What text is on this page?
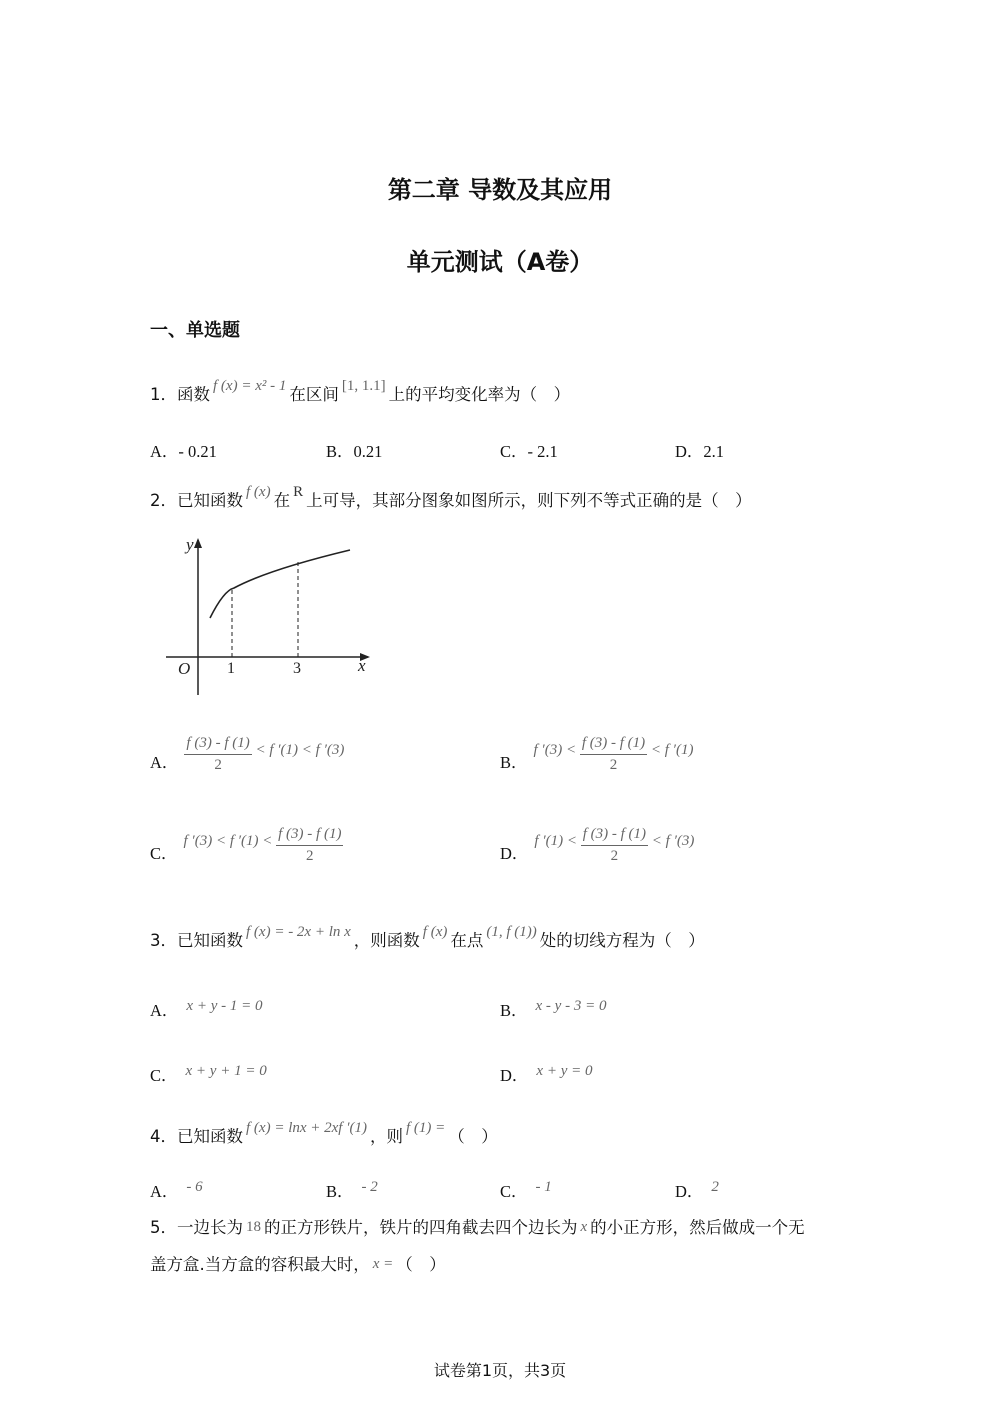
第二章 导数及其应用
单元测试（A卷）
一、单选题
1．函数 f (x) = x² - 1 在区间 [1, 1.1] 上的平均变化率为（　）
A．- 0.21	B．0.21	C．- 2.1	D．2.1
2．已知函数 f (x) 在 R 上可导，其部分图象如图所示，则下列不等式正确的是（　）
y
x
O 1	3
A． $\frac{f (3) - f (1)}{2} < f$ ′(1) < f ′(3)
B．f $'(3) < \frac{f (3) - f (1)}{2} < f$ ′(1)
C．f ′(3) < f $'(1) < \frac{f (3) - f (1)}{2}$	D．f $'(1) < \frac{f (3) - f (1)}{2} < f$ ′(3)
3．已知函数 f (x) = - 2x + ln x ，则函数 f (x) 在点 (1, f (1)) 处的切线方程为（　）
A． x + y - 1 = 0	B． x - y - 3 = 0
C． x + y + 1 = 0	D． x + y = 0
4．已知函数 f (x) = lnx + 2xf ′(1) ，则 f (1) = （　）
A． - 6	B． - 2	C． - 1	D． 2
5．一边长为 18 的正方形铁片，铁片的四角截去四个边长为 x 的小正方形，然后做成一个无
盖方盒.当方盒的容积最大时， x = （　）
试卷第1页，共3页
